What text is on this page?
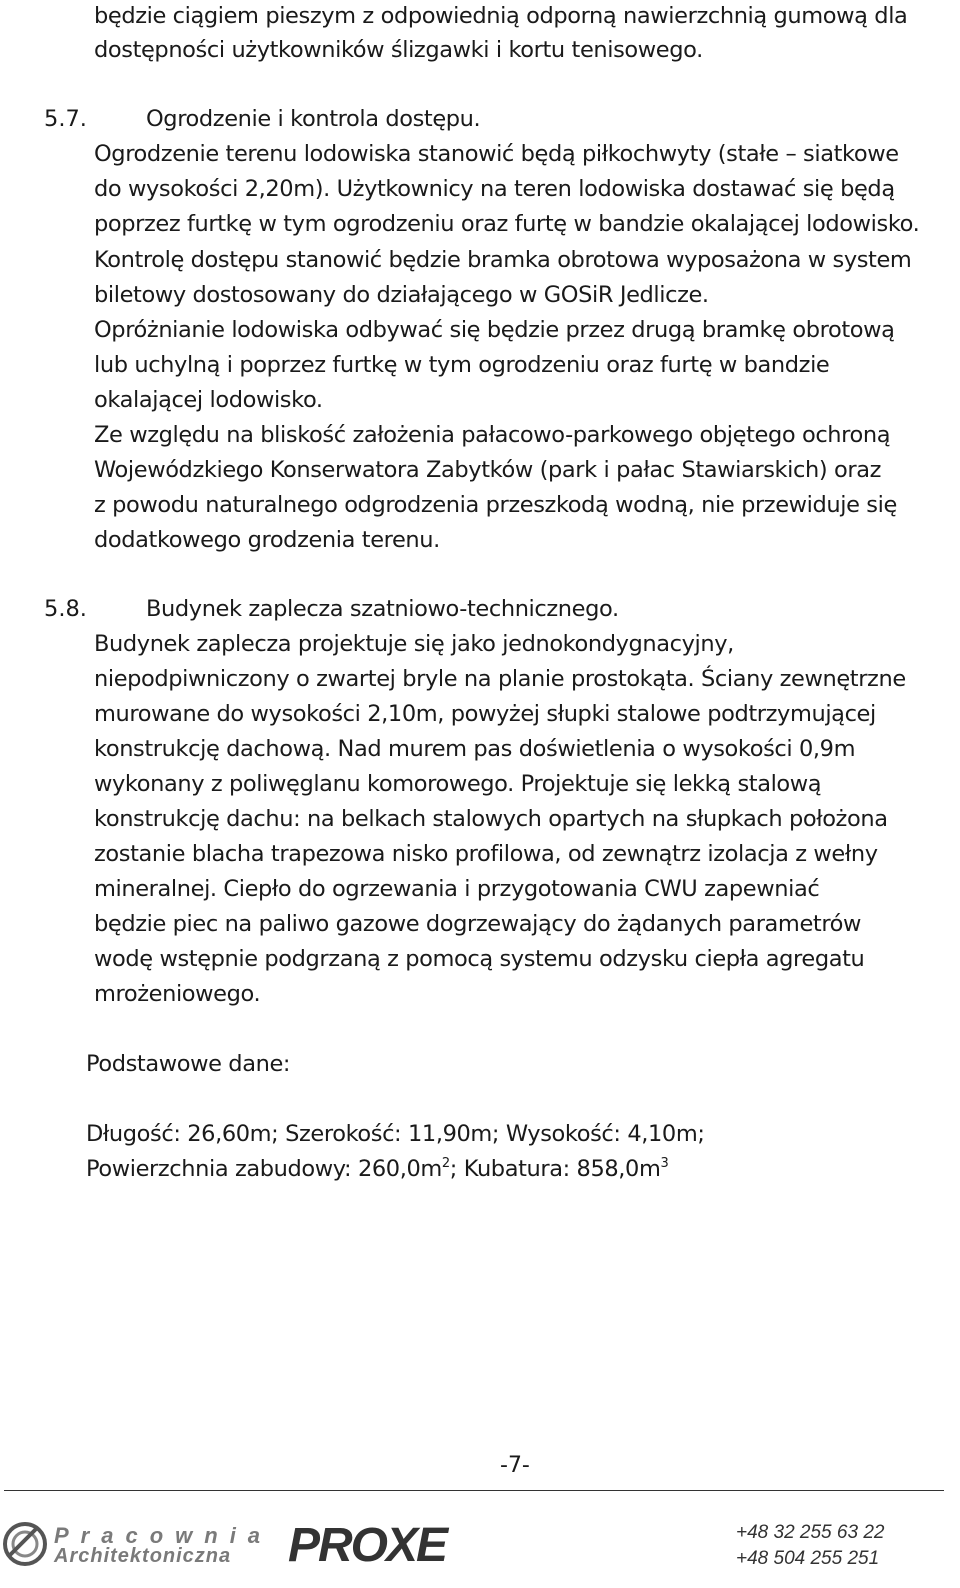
będzie ciągiem pieszym z odpowiednią odporną nawierzchnią gumową dla
dostępności użytkowników ślizgawki i kortu tenisowego.
5.7.	Ogrodzenie i kontrola dostępu.
Ogrodzenie terenu lodowiska stanowić będą piłkochwyty (stałe – siatkowe
do wysokości 2,20m). Użytkownicy na teren lodowiska dostawać się będą
poprzez furtkę w tym ogrodzeniu oraz furtę w bandzie okalającej lodowisko.
Kontrolę dostępu stanowić będzie bramka obrotowa wyposażona w system
biletowy dostosowany do działającego w GOSiR Jedlicze.
Opróżnianie lodowiska odbywać się będzie przez drugą bramkę obrotową
lub uchylną i poprzez furtkę w tym ogrodzeniu oraz furtę w bandzie
okalającej lodowisko.
Ze względu na bliskość założenia pałacowo-parkowego objętego ochroną
Wojewódzkiego Konserwatora Zabytków (park i pałac Stawiarskich) oraz
z powodu naturalnego odgrodzenia przeszkodą wodną, nie przewiduje się
dodatkowego grodzenia terenu.
5.8.	Budynek zaplecza szatniowo-technicznego.
Budynek zaplecza projektuje się jako jednokondygnacyjny,
niepodpiwniczony o zwartej bryle na planie prostokąta. Ściany zewnętrzne
murowane do wysokości 2,10m, powyżej słupki stalowe podtrzymującej
konstrukcję dachową. Nad murem pas doświetlenia o wysokości 0,9m
wykonany z poliwęglanu komorowego. Projektuje się lekką stalową
konstrukcję dachu: na belkach stalowych opartych na słupkach położona
zostanie blacha trapezowa nisko profilowa, od zewnątrz izolacja z wełny
mineralnej. Ciepło do ogrzewania i przygotowania CWU zapewniać
będzie piec na paliwo gazowe dogrzewający do żądanych parametrów
wodę wstępnie podgrzaną z pomocą systemu odzysku ciepła agregatu
mrożeniowego.
Podstawowe dane:
Długość: 26,60m; Szerokość: 11,90m; Wysokość: 4,10m;
Powierzchnia zabudowy: $260,0m^2$; Kubatura: $858,0m^3$
-7-
Pracownia
Architektoniczna PROXE	+48 32 255 63 22
+48 504 255 251
